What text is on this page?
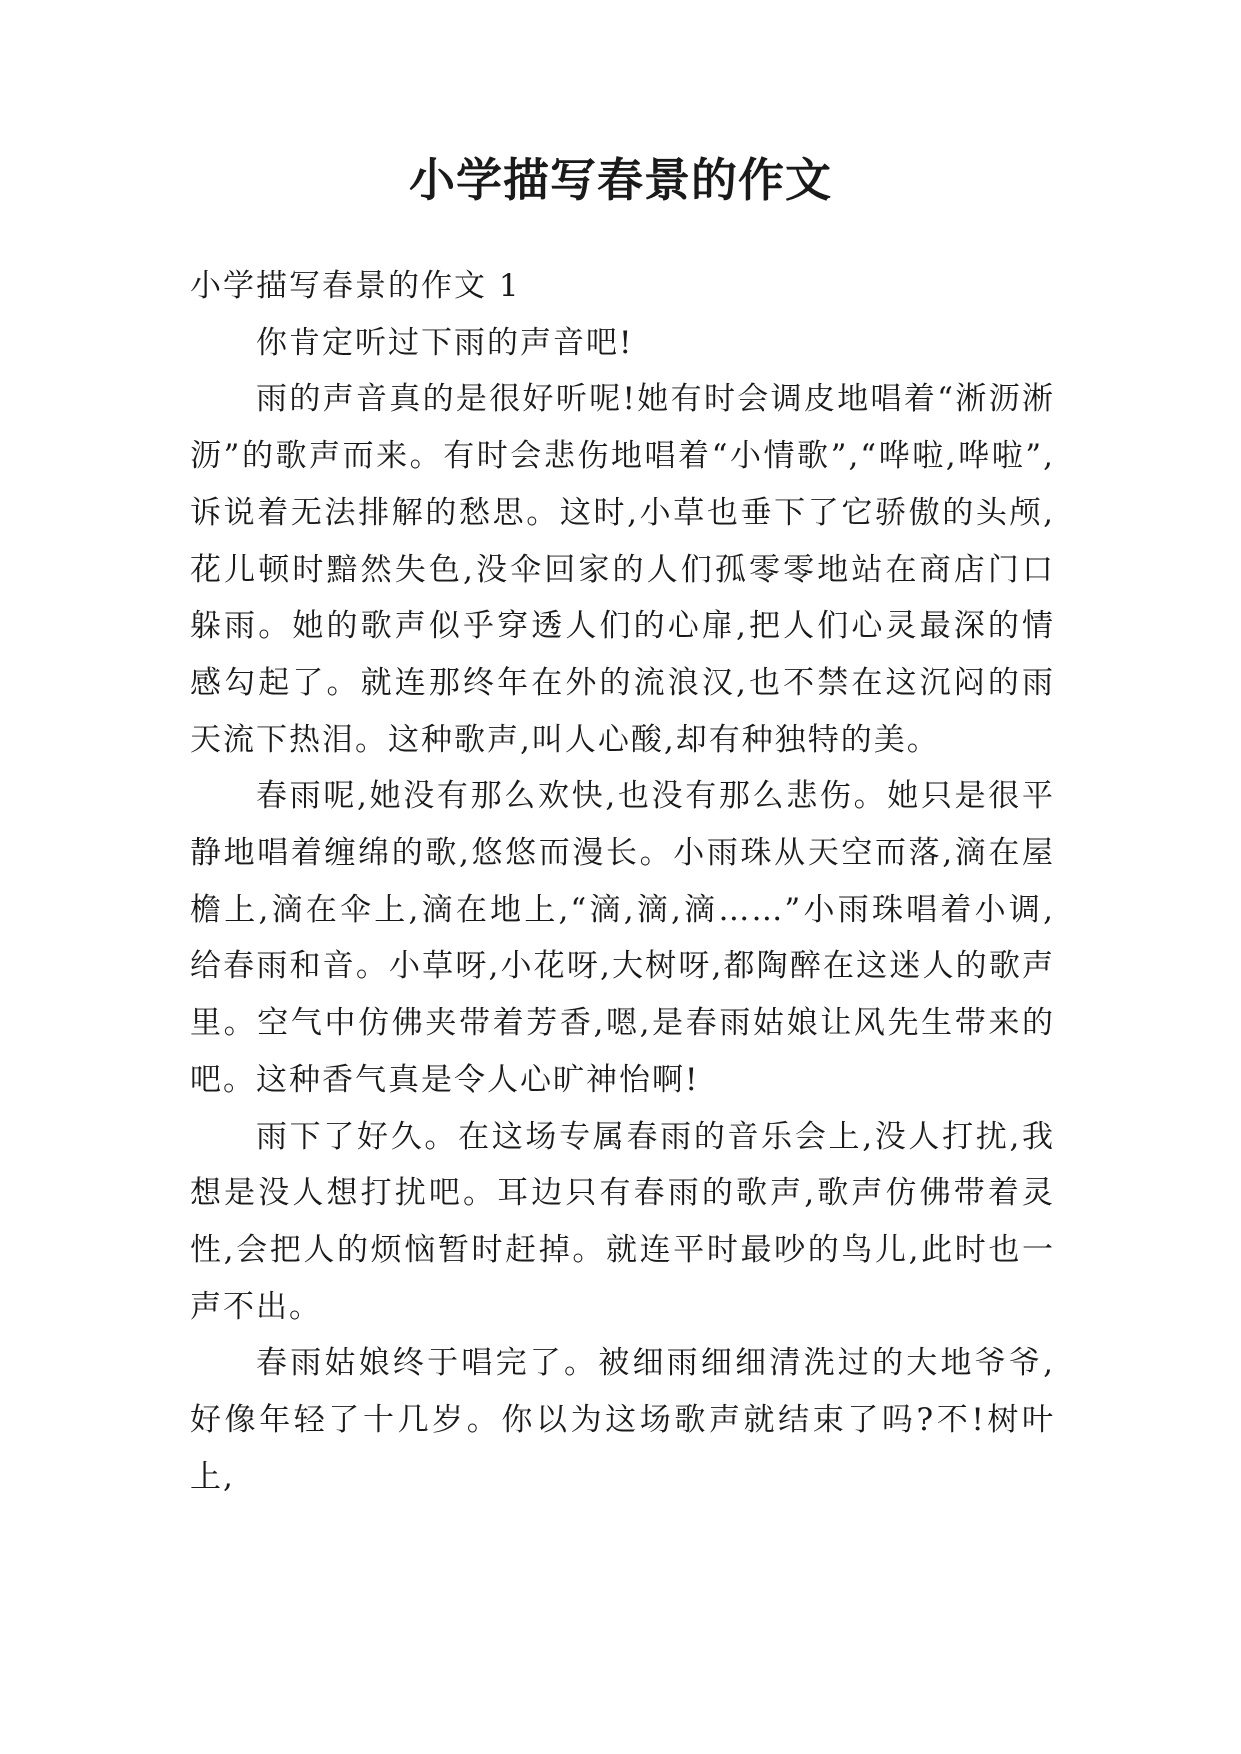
小学描写春景的作文

小学描写春景的作文 1

你肯定听过下雨的声音吧!

雨的声音真的是很好听呢!她有时会调皮地唱着“淅沥淅沥”的歌声而来。有时会悲伤地唱着“小情歌”,“哗啦,哗啦”,诉说着无法排解的愁思。这时,小草也垂下了它骄傲的头颅,花儿顿时黯然失色,没伞回家的人们孤零零地站在商店门口躲雨。她的歌声似乎穿透人们的心扉,把人们心灵最深的情感勾起了。就连那终年在外的流浪汉,也不禁在这沉闷的雨天流下热泪。这种歌声,叫人心酸,却有种独特的美。

春雨呢,她没有那么欢快,也没有那么悲伤。她只是很平静地唱着缠绵的歌,悠悠而漫长。小雨珠从天空而落,滴在屋檐上,滴在伞上,滴在地上,“滴,滴,滴……”小雨珠唱着小调,给春雨和音。小草呀,小花呀,大树呀,都陶醉在这迷人的歌声里。空气中仿佛夹带着芳香,嗯,是春雨姑娘让风先生带来的吧。这种香气真是令人心旷神怡啊!

雨下了好久。在这场专属春雨的音乐会上,没人打扰,我想是没人想打扰吧。耳边只有春雨的歌声,歌声仿佛带着灵性,会把人的烦恼暂时赶掉。就连平时最吵的鸟儿,此时也一声不出。

春雨姑娘终于唱完了。被细雨细细清洗过的大地爷爷,好像年轻了十几岁。你以为这场歌声就结束了吗?不!树叶上,
